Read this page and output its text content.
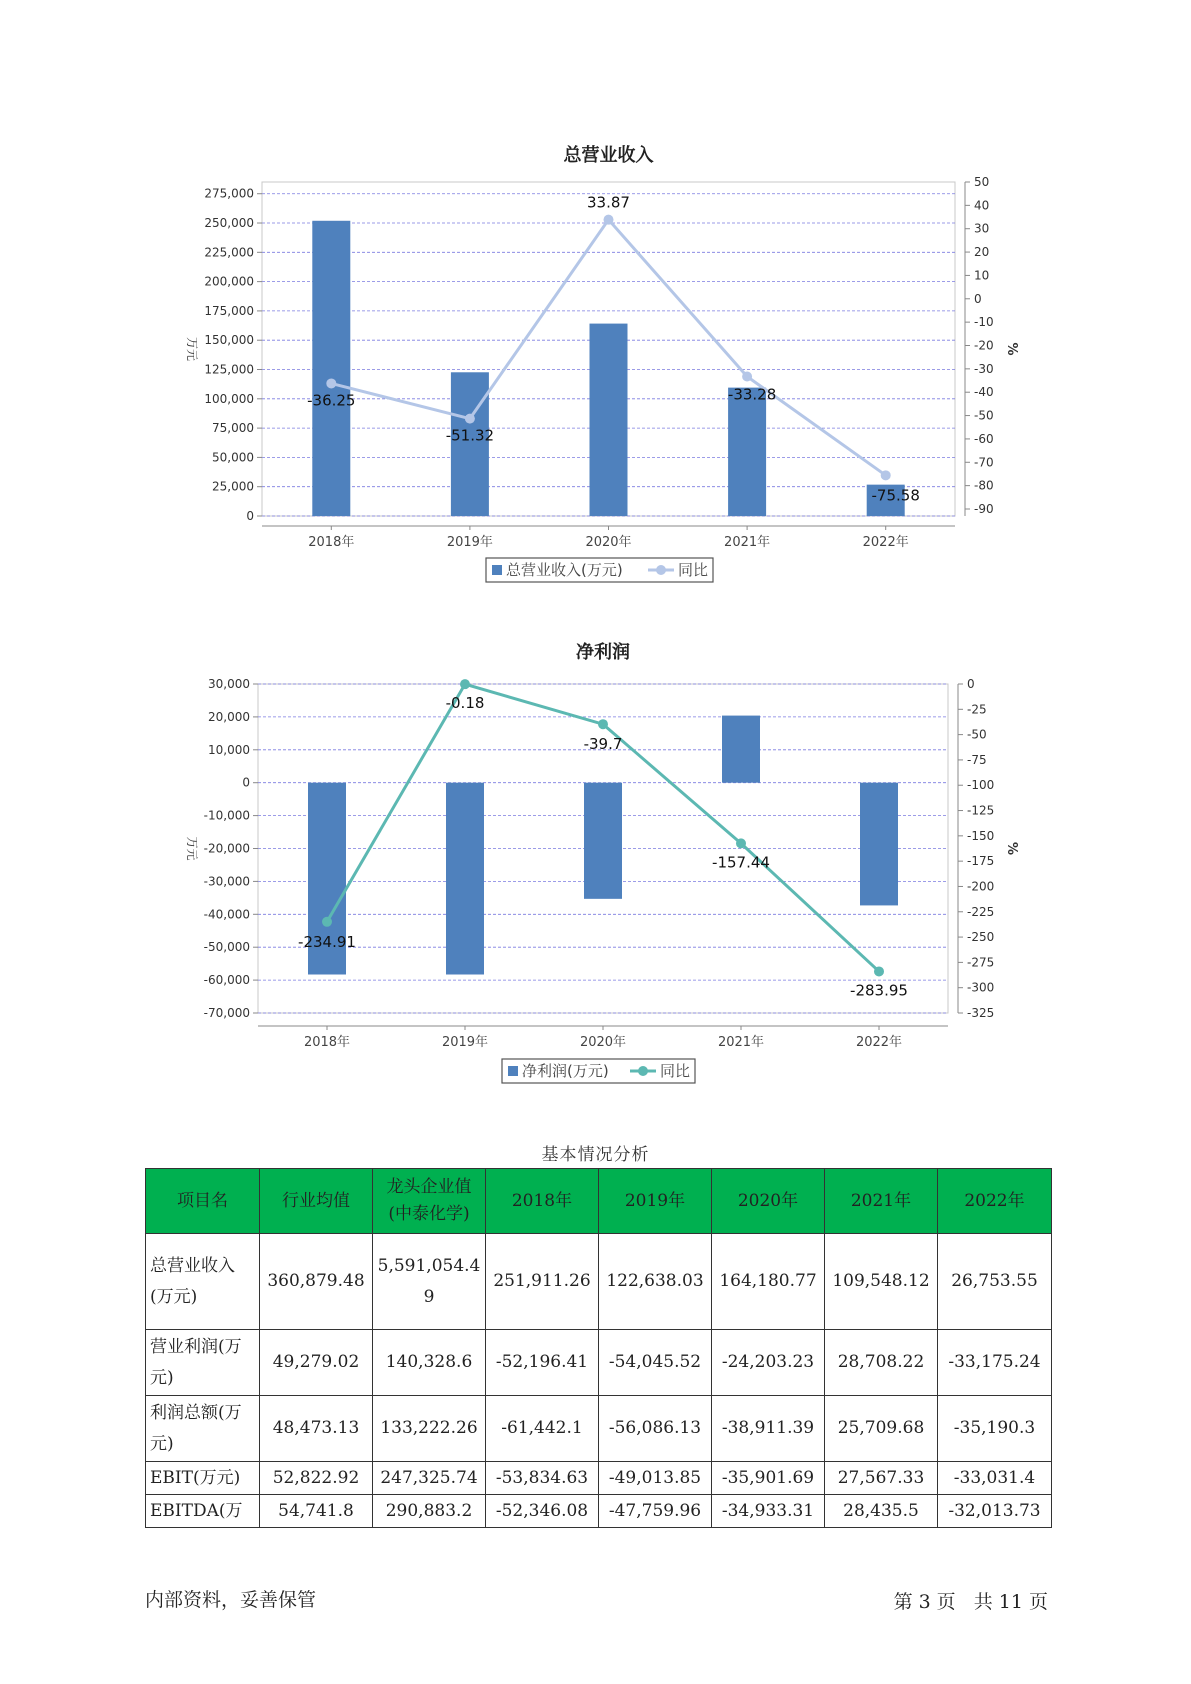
总营业收入
275,000
250,000
225,000
200,000
175,000
150,000
125,000
100,000
75,000
50,000
25,000
0
50
40
30
20
10
0
-10
-20
-30
-40
-50
-60
-70
-80
-90
万元	%
2018年	2019年	2020年	2021年	2022年
-36.25
-51.32
33.87
-33.28
-75.58
总营业收入(万元)	同比
净利润
30,000
20,000
10,000
0
-10,000
-20,000
-30,000
-40,000
-50,000
-60,000
-70,000
0
-25
-50
-75
-100
-125
-150
-175
-200
-225
-250
-275
-300
-325
万元	%
2018年	2019年	2020年	2021年	2022年
-234.91
-0.18
-39.7
-157.44
-283.95
净利润(万元)	同比
基本情况分析
项目名	行业均值	龙头企业值(中泰化学)	2018年	2019年	2020年	2021年	2022年
总营业收入(万元)	360,879.48	5,591,054.49	251,911.26	122,638.03	164,180.77	109,548.12	26,753.55
营业利润(万元)	49,279.02	140,328.6	-52,196.41	-54,045.52	-24,203.23	28,708.22	-33,175.24
利润总额(万元)	48,473.13	133,222.26	-61,442.1	-56,086.13	-38,911.39	25,709.68	-35,190.3
EBIT(万元)	52,822.92	247,325.74	-53,834.63	-49,013.85	-35,901.69	27,567.33	-33,031.4
EBITDA(万	54,741.8	290,883.2	-52,346.08	-47,759.96	-34,933.31	28,435.5	-32,013.73
内部资料，妥善保管	第 3 页 共 11 页
